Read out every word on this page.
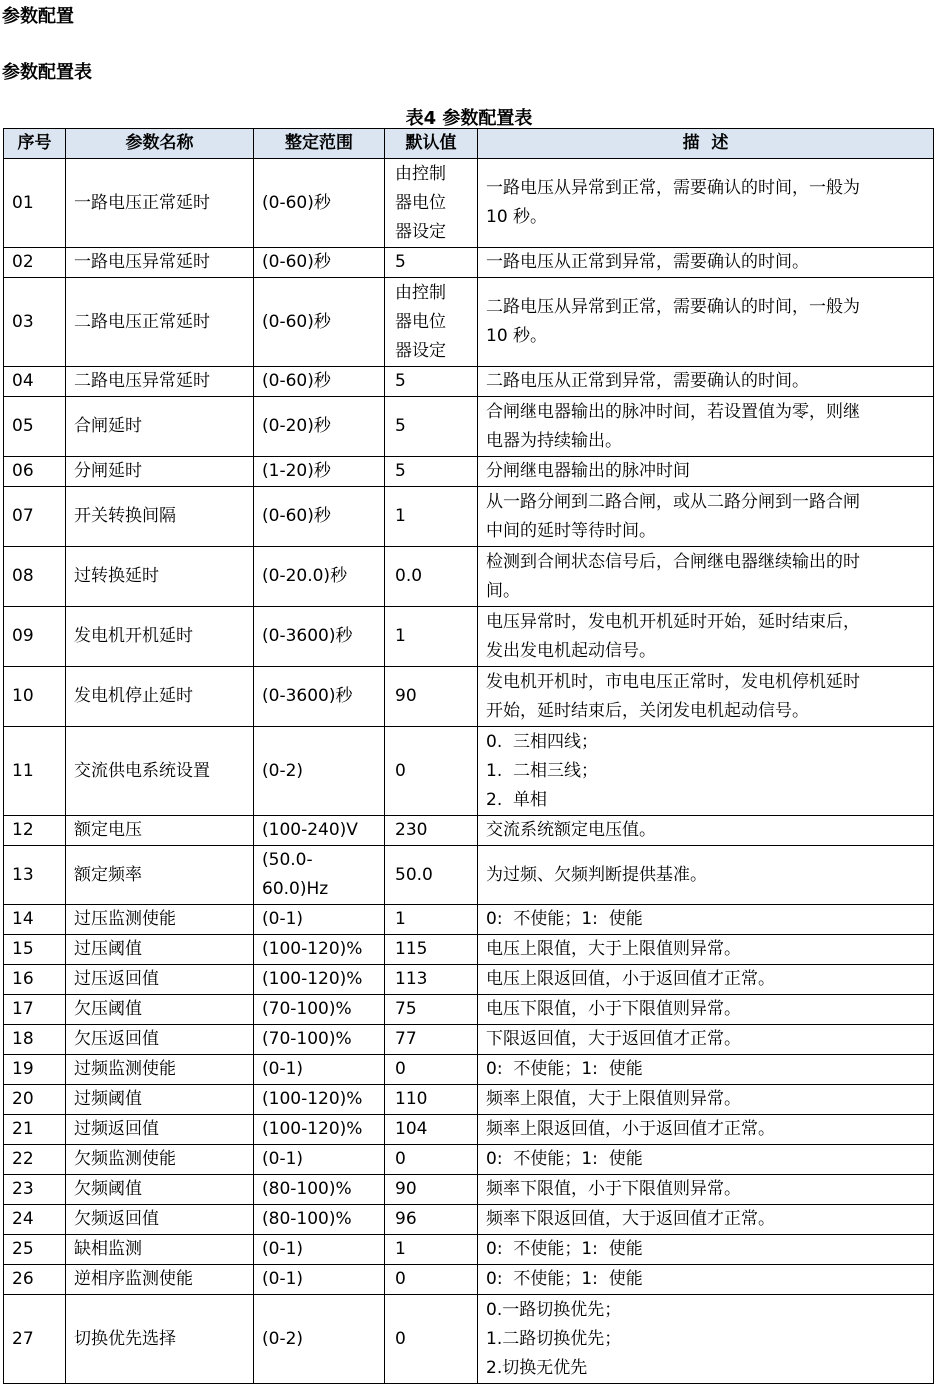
参数配置
参数配置表
表4 参数配置表
序号	参数名称	整定范围	默认值	描  述
01	一路电压正常延时	(0-60)秒	由控制
器电位
器设定	一路电压从异常到正常，需要确认的时间，一般为
10 秒。

02	一路电压异常延时	(0-60)秒	5	一路电压从正常到异常，需要确认的时间。

03	二路电压正常延时	(0-60)秒	由控制
器电位
器设定	二路电压从异常到正常，需要确认的时间，一般为
10 秒。

04	二路电压异常延时	(0-60)秒	5	二路电压从正常到异常，需要确认的时间。

05	合闸延时	(0-20)秒	5	合闸继电器输出的脉冲时间，若设置值为零，则继
电器为持续输出。

06	分闸延时	(1-20)秒	5	分闸继电器输出的脉冲时间

07	开关转换间隔	(0-60)秒	1	从一路分闸到二路合闸，或从二路分闸到一路合闸
中间的延时等待时间。

08	过转换延时	(0-20.0)秒	0.0	检测到合闸状态信号后，合闸继电器继续输出的时
间。

09	发电机开机延时	(0-3600)秒	1	电压异常时，发电机开机延时开始，延时结束后，
发出发电机起动信号。

10	发电机停止延时	(0-3600)秒	90	发电机开机时，市电电压正常时，发电机停机延时
开始，延时结束后，关闭发电机起动信号。

11	交流供电系统设置	(0-2)	0	0.  三相四线；
1.  二相三线；
2.  单相

12	额定电压	(100-240)V	230	交流系统额定电压值。

13	额定频率	(50.0-60.0)Hz	50.0	为过频、欠频判断提供基准。

14	过压监测使能	(0-1)	1	0:  不使能；1:  使能

15	过压阈值	(100-120)%	115	电压上限值，大于上限值则异常。

16	过压返回值	(100-120)%	113	电压上限返回值，小于返回值才正常。

17	欠压阈值	(70-100)%	75	电压下限值，小于下限值则异常。

18	欠压返回值	(70-100)%	77	下限返回值，大于返回值才正常。

19	过频监测使能	(0-1)	0	0:  不使能；1:  使能

20	过频阈值	(100-120)%	110	频率上限值，大于上限值则异常。

21	过频返回值	(100-120)%	104	频率上限返回值，小于返回值才正常。

22	欠频监测使能	(0-1)	0	0:  不使能；1:  使能

23	欠频阈值	(80-100)%	90	频率下限值，小于下限值则异常。

24	欠频返回值	(80-100)%	96	频率下限返回值，大于返回值才正常。

25	缺相监测	(0-1)	1	0:  不使能；1:  使能

26	逆相序监测使能	(0-1)	0	0:  不使能；1:  使能

27	切换优先选择	(0-2)	0	0.一路切换优先；
1.二路切换优先；
2.切换无优先
